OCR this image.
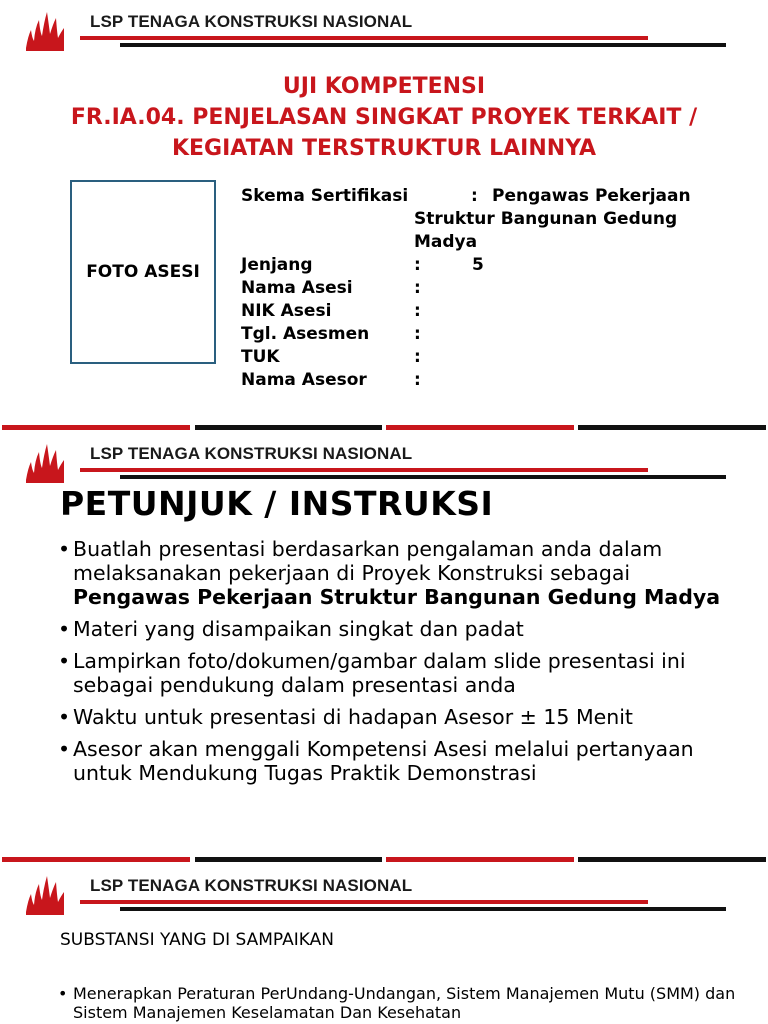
LSP TENAGA KONSTRUKSI NASIONAL
UJI KOMPETENSI
FR.IA.04. PENJELASAN SINGKAT PROYEK TERKAIT /
KEGIATAN TERSTRUKTUR LAINNYA
FOTO ASESI
Skema Sertifikasi	: Pengawas Pekerjaan
Struktur Bangunan Gedung
Madya
Jenjang	:	5
Nama Asesi	:
NIK Asesi	:
Tgl. Asesmen	:
TUK	:
Nama Asesor	:
LSP TENAGA KONSTRUKSI NASIONAL
PETUNJUK / INSTRUKSI
• Buatlah presentasi berdasarkan pengalaman anda dalam melaksanakan pekerjaan di Proyek Konstruksi sebagai Pengawas Pekerjaan Struktur Bangunan Gedung Madya
• Materi yang disampaikan singkat dan padat
• Lampirkan foto/dokumen/gambar dalam slide presentasi ini sebagai pendukung dalam presentasi anda
• Waktu untuk presentasi di hadapan Asesor ± 15 Menit
• Asesor akan menggali Kompetensi Asesi melalui pertanyaan untuk Mendukung Tugas Praktik Demonstrasi
LSP TENAGA KONSTRUKSI NASIONAL
SUBSTANSI YANG DI SAMPAIKAN
• Menerapkan Peraturan PerUndang-Undangan, Sistem Manajemen Mutu (SMM) dan Sistem Manajemen Keselamatan Dan Kesehatan
